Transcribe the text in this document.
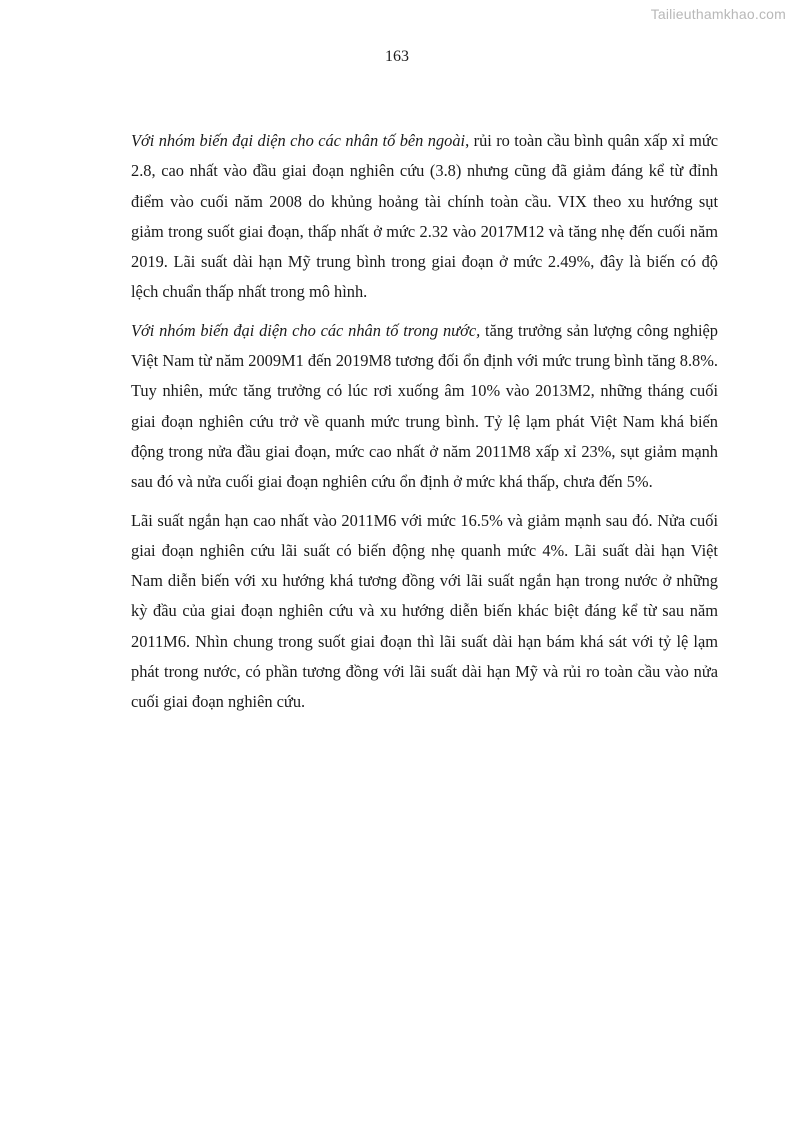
Tailieuthamkhao.com
163

Với nhóm biến đại diện cho các nhân tố bên ngoài, rủi ro toàn cầu bình quân xấp xỉ mức 2.8, cao nhất vào đầu giai đoạn nghiên cứu (3.8) nhưng cũng đã giảm đáng kể từ đỉnh điểm vào cuối năm 2008 do khủng hoảng tài chính toàn cầu. VIX theo xu hướng sụt giảm trong suốt giai đoạn, thấp nhất ở mức 2.32 vào 2017M12 và tăng nhẹ đến cuối năm 2019. Lãi suất dài hạn Mỹ trung bình trong giai đoạn ở mức 2.49%, đây là biến có độ lệch chuẩn thấp nhất trong mô hình.

Với nhóm biến đại diện cho các nhân tố trong nước, tăng trưởng sản lượng công nghiệp Việt Nam từ năm 2009M1 đến 2019M8 tương đối ổn định với mức trung bình tăng 8.8%. Tuy nhiên, mức tăng trưởng có lúc rơi xuống âm 10% vào 2013M2, những tháng cuối giai đoạn nghiên cứu trở về quanh mức trung bình. Tỷ lệ lạm phát Việt Nam khá biến động trong nửa đầu giai đoạn, mức cao nhất ở năm 2011M8 xấp xỉ 23%, sụt giảm mạnh sau đó và nửa cuối giai đoạn nghiên cứu ổn định ở mức khá thấp, chưa đến 5%.

Lãi suất ngắn hạn cao nhất vào 2011M6 với mức 16.5% và giảm mạnh sau đó. Nửa cuối giai đoạn nghiên cứu lãi suất có biến động nhẹ quanh mức 4%. Lãi suất dài hạn Việt Nam diễn biến với xu hướng khá tương đồng với lãi suất ngắn hạn trong nước ở những kỳ đầu của giai đoạn nghiên cứu và xu hướng diễn biến khác biệt đáng kể từ sau năm 2011M6. Nhìn chung trong suốt giai đoạn thì lãi suất dài hạn bám khá sát với tỷ lệ lạm phát trong nước, có phần tương đồng với lãi suất dài hạn Mỹ và rủi ro toàn cầu vào nửa cuối giai đoạn nghiên cứu.
